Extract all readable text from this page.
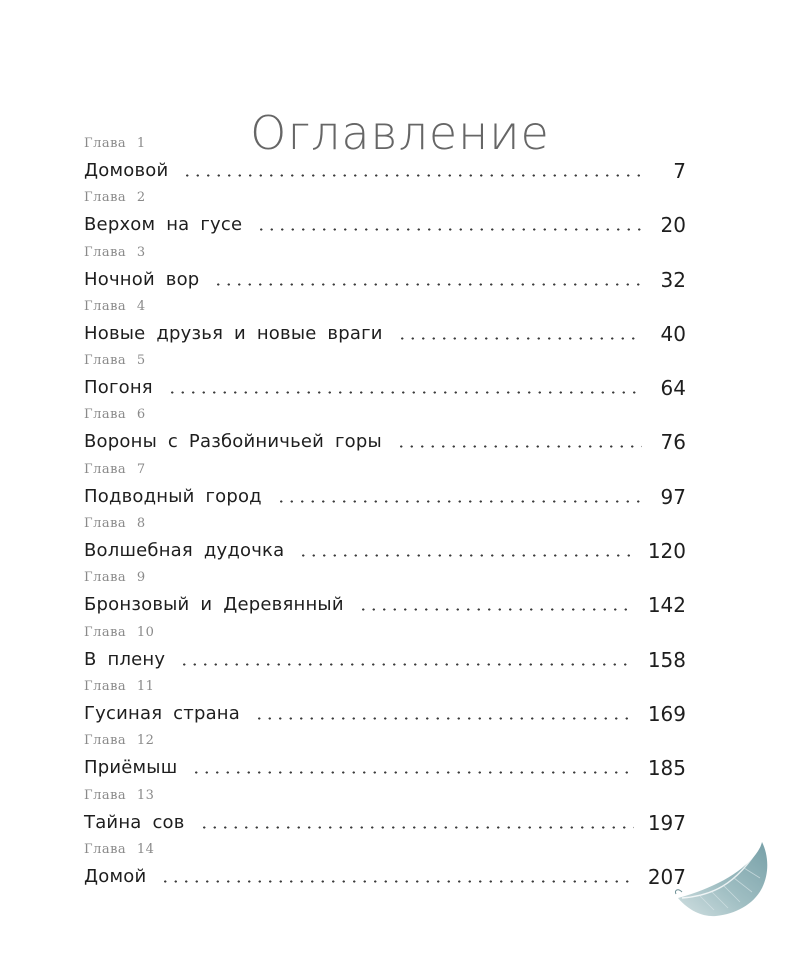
Оглавление
Глава 1
Домовой	7
Глава 2
Верхом на гусе	20
Глава 3
Ночной вор	32
Глава 4
Новые друзья и новые враги	40
Глава 5
Погоня	64
Глава 6
Вороны с Разбойничьей горы	76
Глава 7
Подводный город	97
Глава 8
Волшебная дудочка	120
Глава 9
Бронзовый и Деревянный	142
Глава 10
В плену	158
Глава 11
Гусиная страна	169
Глава 12
Приёмыш	185
Глава 13
Тайна сов	197
Глава 14
Домой	207
